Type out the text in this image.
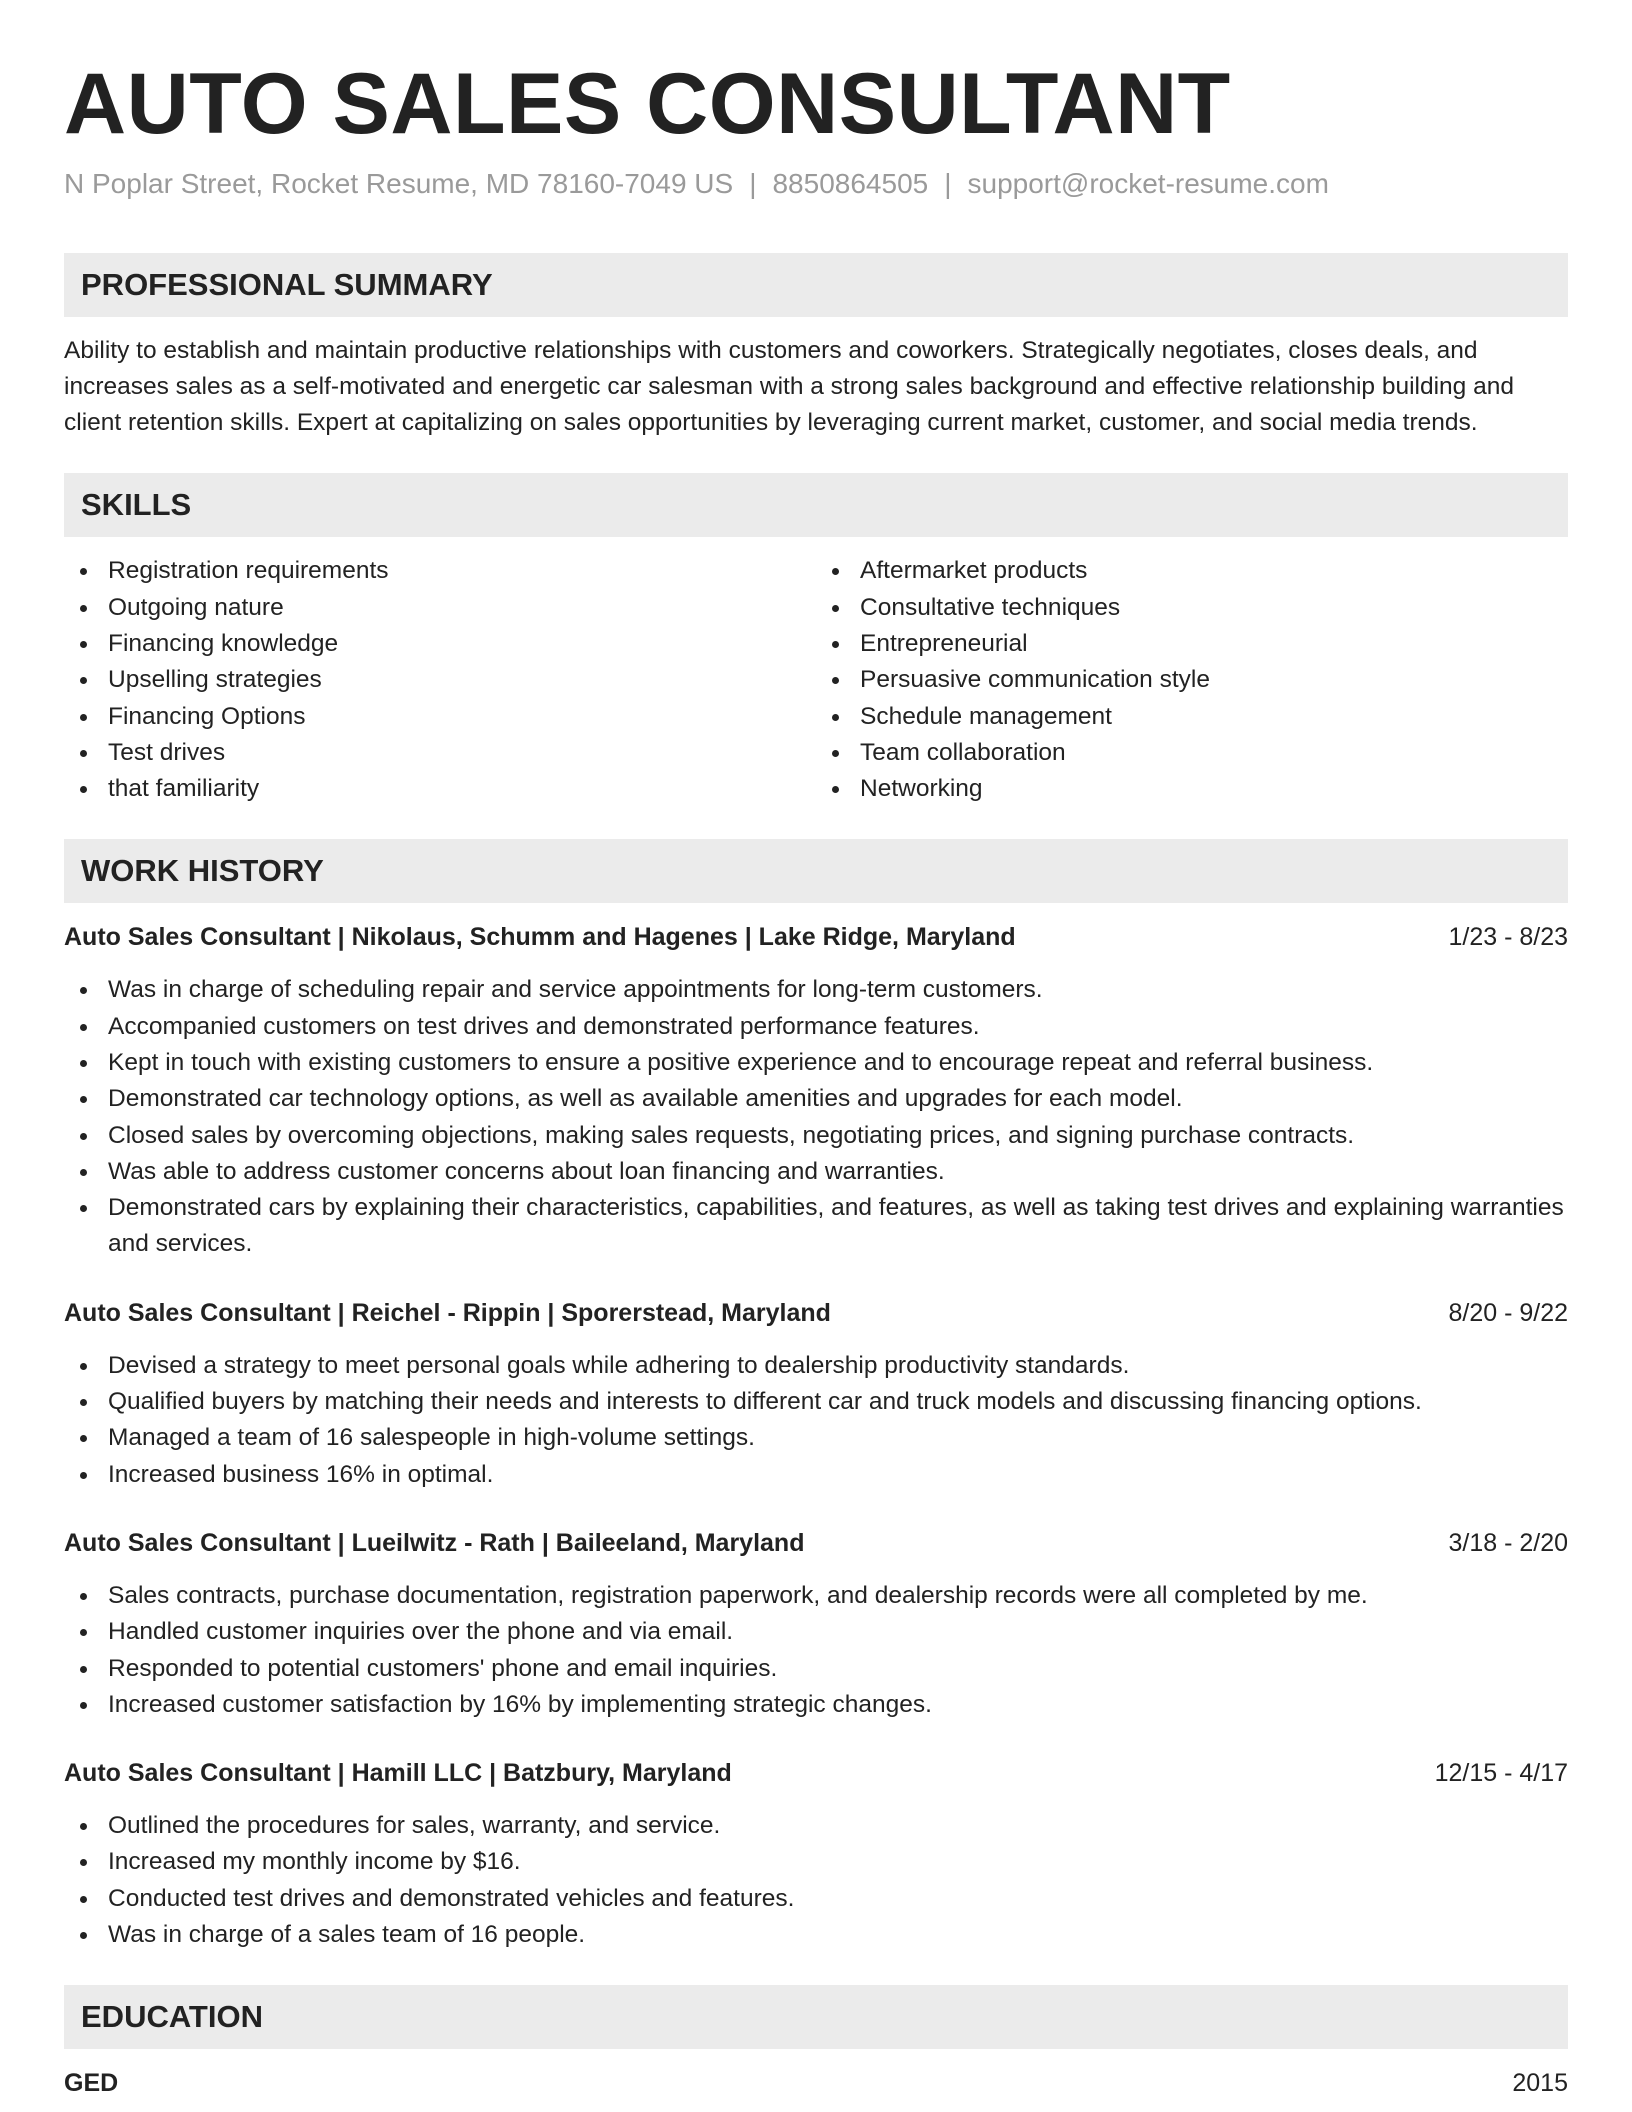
AUTO SALES CONSULTANT
N Poplar Street, Rocket Resume, MD 78160-7049 US | 8850864505 | support@rocket-resume.com
PROFESSIONAL SUMMARY

Ability to establish and maintain productive relationships with customers and coworkers. Strategically negotiates, closes deals, and increases sales as a self-motivated and energetic car salesman with a strong sales background and effective relationship building and client retention skills. Expert at capitalizing on sales opportunities by leveraging current market, customer, and social media trends.

SKILLS
Registration requirements
Outgoing nature
Financing knowledge
Upselling strategies
Financing Options
Test drives
that familiarity
Aftermarket products
Consultative techniques
Entrepreneurial
Persuasive communication style
Schedule management
Team collaboration
Networking
WORK HISTORY
Auto Sales Consultant | Nikolaus, Schumm and Hagenes | Lake Ridge, Maryland	1/23 - 8/23
Was in charge of scheduling repair and service appointments for long-term customers.
Accompanied customers on test drives and demonstrated performance features.
Kept in touch with existing customers to ensure a positive experience and to encourage repeat and referral business.
Demonstrated car technology options, as well as available amenities and upgrades for each model.
Closed sales by overcoming objections, making sales requests, negotiating prices, and signing purchase contracts.
Was able to address customer concerns about loan financing and warranties.
Demonstrated cars by explaining their characteristics, capabilities, and features, as well as taking test drives and explaining warranties and services.
Auto Sales Consultant | Reichel - Rippin | Sporerstead, Maryland	8/20 - 9/22
Devised a strategy to meet personal goals while adhering to dealership productivity standards.
Qualified buyers by matching their needs and interests to different car and truck models and discussing financing options.
Managed a team of 16 salespeople in high-volume settings.
Increased business 16% in optimal.
Auto Sales Consultant | Lueilwitz - Rath | Baileeland, Maryland	3/18 - 2/20
Sales contracts, purchase documentation, registration paperwork, and dealership records were all completed by me.
Handled customer inquiries over the phone and via email.
Responded to potential customers' phone and email inquiries.
Increased customer satisfaction by 16% by implementing strategic changes.
Auto Sales Consultant | Hamill LLC | Batzbury, Maryland	12/15 - 4/17
Outlined the procedures for sales, warranty, and service.
Increased my monthly income by $16.
Conducted test drives and demonstrated vehicles and features.
Was in charge of a sales team of 16 people.
EDUCATION
GED	2015
